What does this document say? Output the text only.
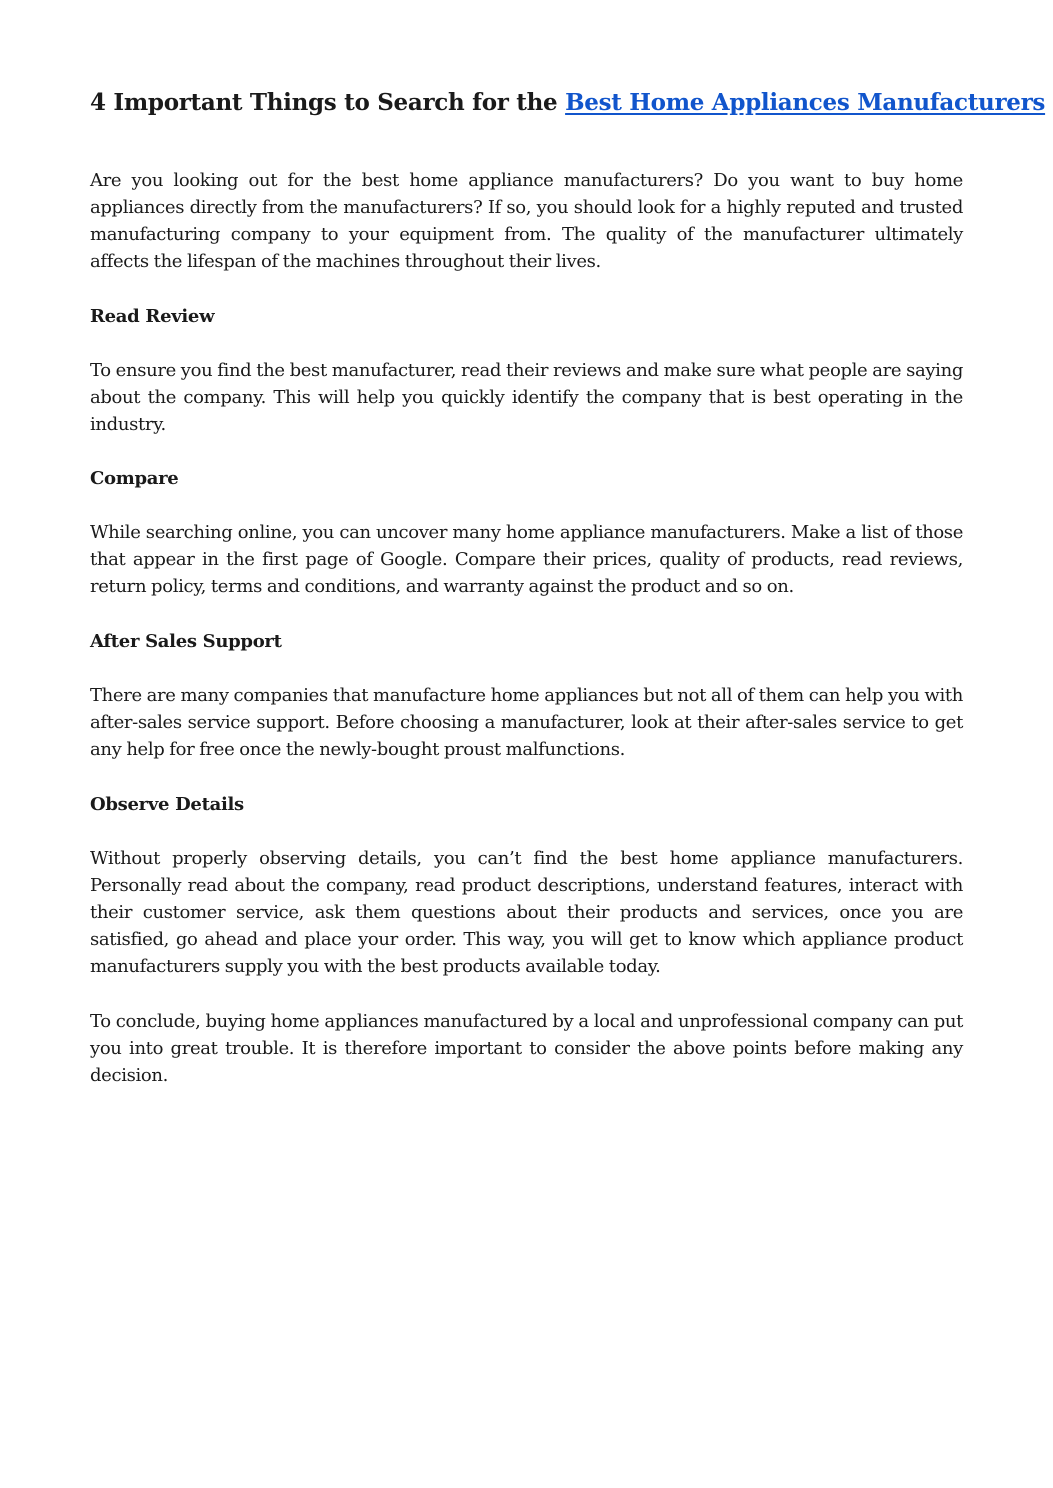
4 Important Things to Search for the Best Home Appliances Manufacturers

Are you looking out for the best home appliance manufacturers? Do you want to buy home appliances directly from the manufacturers? If so, you should look for a highly reputed and trusted manufacturing company to your equipment from. The quality of the manufacturer ultimately affects the lifespan of the machines throughout their lives.

Read Review

To ensure you find the best manufacturer, read their reviews and make sure what people are saying about the company. This will help you quickly identify the company that is best operating in the industry.

Compare

While searching online, you can uncover many home appliance manufacturers. Make a list of those that appear in the first page of Google. Compare their prices, quality of products, read reviews, return policy, terms and conditions, and warranty against the product and so on.

After Sales Support

There are many companies that manufacture home appliances but not all of them can help you with after-sales service support. Before choosing a manufacturer, look at their after-sales service to get any help for free once the newly-bought proust malfunctions.

Observe Details

Without properly observing details, you can’t find the best home appliance manufacturers. Personally read about the company, read product descriptions, understand features, interact with their customer service, ask them questions about their products and services, once you are satisfied, go ahead and place your order. This way, you will get to know which appliance product manufacturers supply you with the best products available today.

To conclude, buying home appliances manufactured by a local and unprofessional company can put you into great trouble. It is therefore important to consider the above points before making any decision.
